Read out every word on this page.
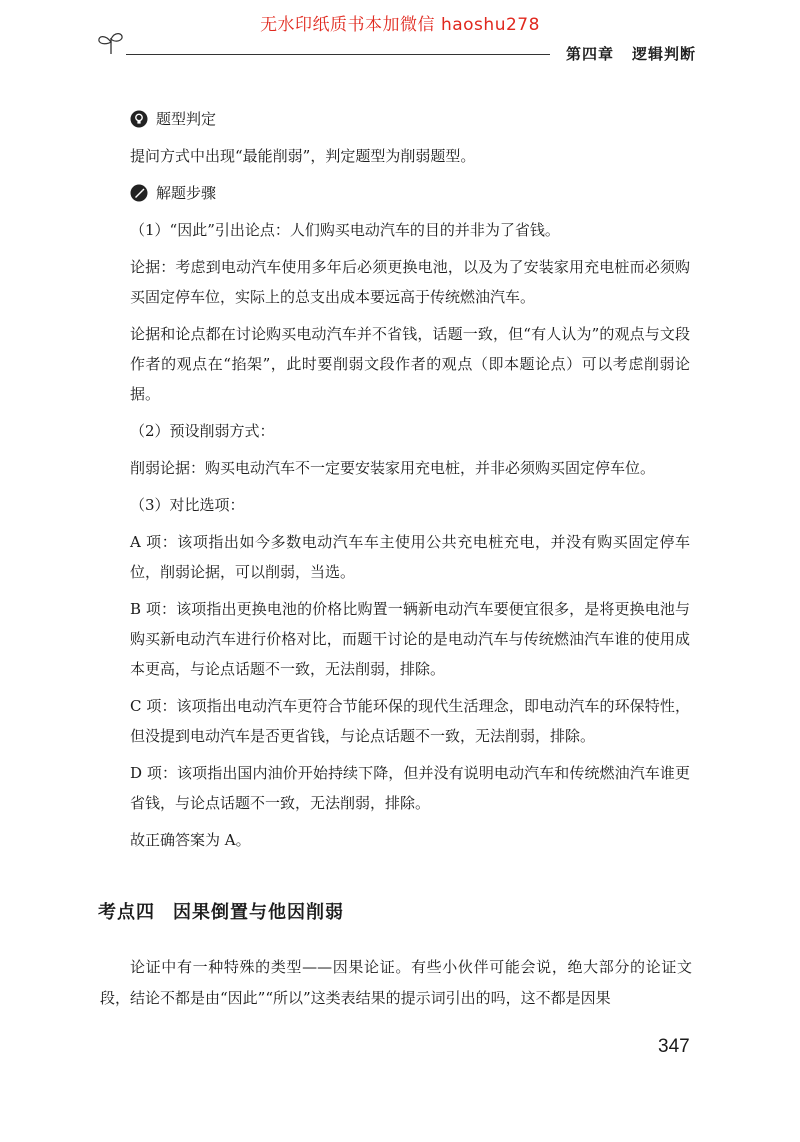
无水印纸质书本加微信 haoshu278
第四章 逻辑判断
题型判定

提问方式中出现“最能削弱”，判定题型为削弱题型。

解题步骤

（1）“因此”引出论点：人们购买电动汽车的目的并非为了省钱。

论据：考虑到电动汽车使用多年后必须更换电池，以及为了安装家用充电桩而必须购买固定停车位，实际上的总支出成本要远高于传统燃油汽车。

论据和论点都在讨论购买电动汽车并不省钱，话题一致，但“有人认为”的观点与文段作者的观点在“掐架”，此时要削弱文段作者的观点（即本题论点）可以考虑削弱论据。

（2）预设削弱方式：

削弱论据：购买电动汽车不一定要安装家用充电桩，并非必须购买固定停车位。

（3）对比选项：

A 项：该项指出如今多数电动汽车车主使用公共充电桩充电，并没有购买固定停车位，削弱论据，可以削弱，当选。

B 项：该项指出更换电池的价格比购置一辆新电动汽车要便宜很多，是将更换电池与购买新电动汽车进行价格对比，而题干讨论的是电动汽车与传统燃油汽车谁的使用成本更高，与论点话题不一致，无法削弱，排除。

C 项：该项指出电动汽车更符合节能环保的现代生活理念，即电动汽车的环保特性，但没提到电动汽车是否更省钱，与论点话题不一致，无法削弱，排除。

D 项：该项指出国内油价开始持续下降，但并没有说明电动汽车和传统燃油汽车谁更省钱，与论点话题不一致，无法削弱，排除。

故正确答案为 A。

考点四 因果倒置与他因削弱

论证中有一种特殊的类型——因果论证。有些小伙伴可能会说，绝大部分的论证文段，结论不都是由“因此”“所以”这类表结果的提示词引出的吗，这不都是因果

347
